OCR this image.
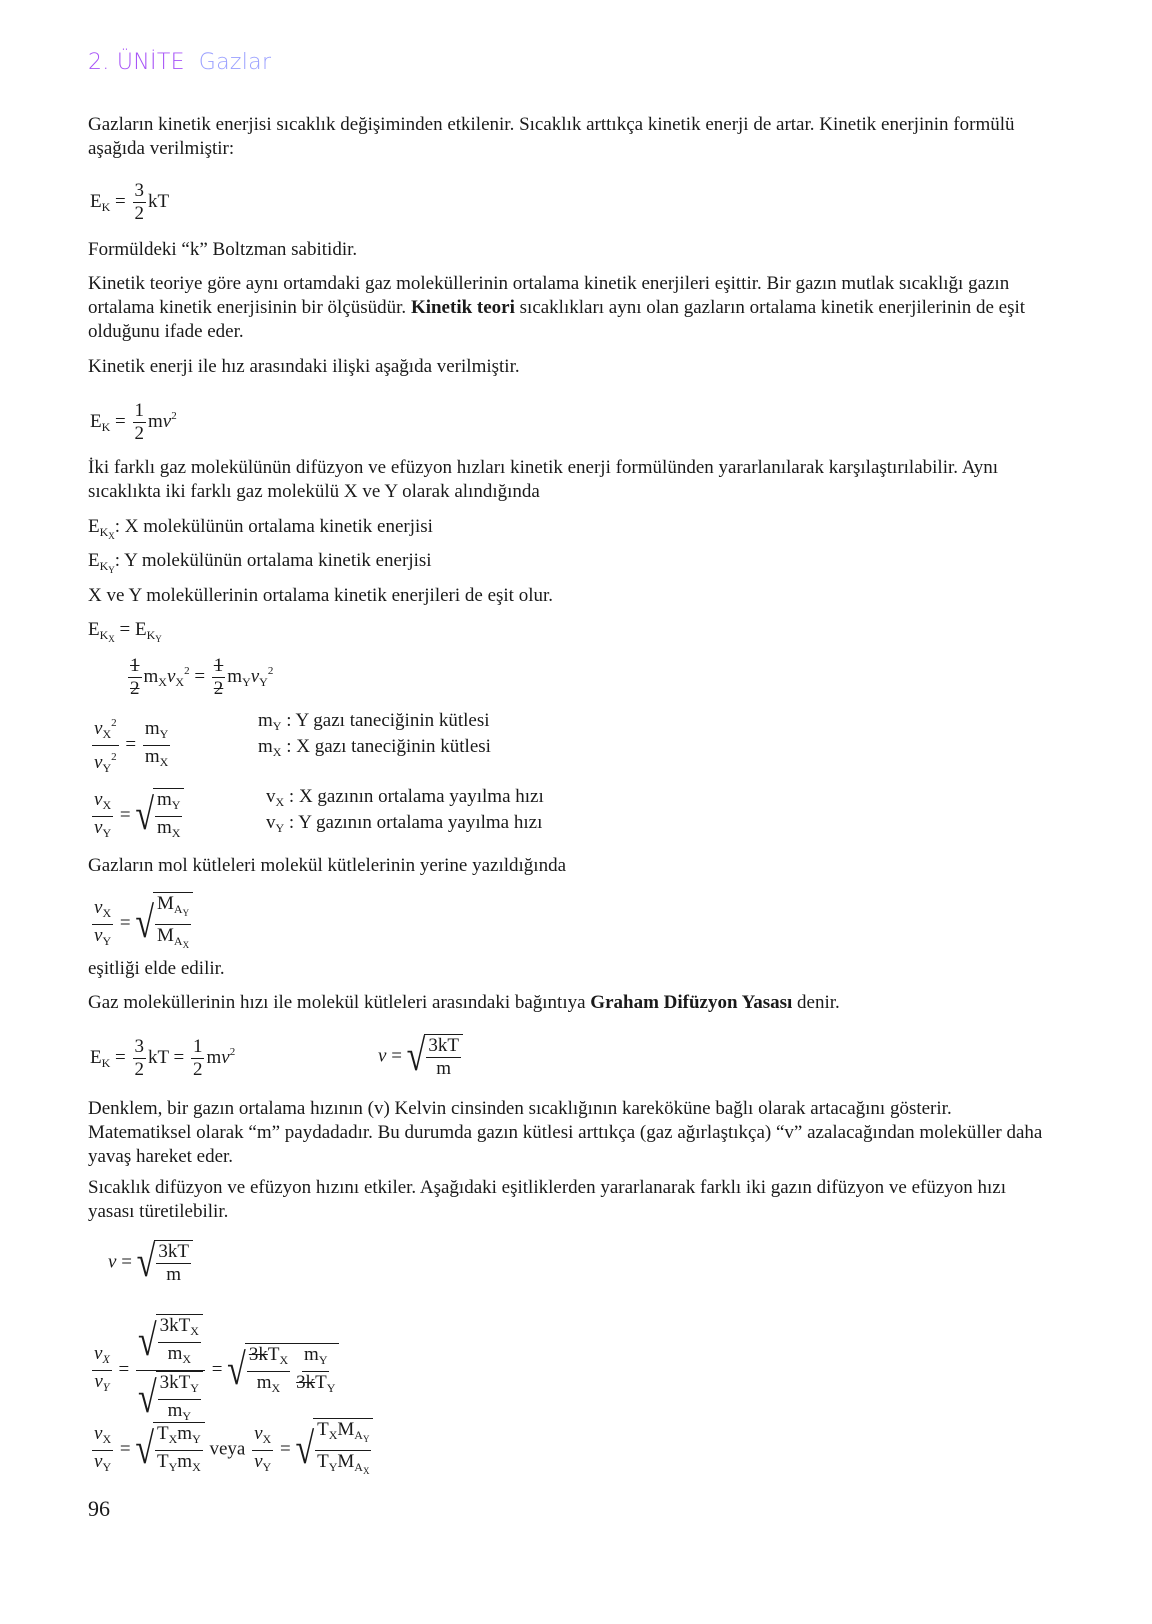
2. ÜNİTE Gazlar
Gazların kinetik enerjisi sıcaklık değişiminden etkilenir. Sıcaklık arttıkça kinetik enerji de artar. Kinetik enerjinin formülü aşağıda verilmiştir:
$E_K = \frac{3}{2}$ kT
Formüldeki “k” Boltzman sabitidir.
Kinetik teoriye göre aynı ortamdaki gaz moleküllerinin ortalama kinetik enerjileri eşittir. Bir gazın mutlak sıcaklığı gazın ortalama kinetik enerjisinin bir ölçüsüdür. Kinetik teori sıcaklıkları aynı olan gazların ortalama kinetik enerjilerinin de eşit olduğunu ifade eder.
Kinetik enerji ile hız arasındaki ilişki aşağıda verilmiştir.
$E_K = \frac{1}{2} mv^2$
İki farklı gaz molekülünün difüzyon ve efüzyon hızları kinetik enerji formülünden yararlanılarak karşılaştırılabilir. Aynı sıcaklıkta iki farklı gaz molekülü X ve Y olarak alındığında
$E_{K_X}$: X molekülünün ortalama kinetik enerjisi
$E_{K_Y}$: Y molekülünün ortalama kinetik enerjisi
X ve Y moleküllerinin ortalama kinetik enerjileri de eşit olur.
$E_{K_X} = E_{K_Y}$
$\frac{1}{2} m_Xv_X^2 = \frac{1}{2} m_Yv_Y^2$
$\frac{v_X^2}{v_Y^2} = \frac{m_Y}{m_X}$	$m_Y$ : Y gazı taneciğinin kütlesi
$m_X$ : X gazı taneciğinin kütlesi
$\frac{v_X}{v_Y}$ = √ $\frac{m_Y}{m_X}$	$v_X$ : X gazının ortalama yayılma hızı
$v_Y$ : Y gazının ortalama yayılma hızı
Gazların mol kütleleri molekül kütlelerinin yerine yazıldığında
$\frac{v_X}{v_Y}$ = √ $\frac{M_{A_Y}}{M_{A_X}}$
eşitliği elde edilir.
Gaz moleküllerinin hızı ile molekül kütleleri arasındaki bağıntıya Graham Difüzyon Yasası denir.
$E_K = \frac{3}{2}$ kT = $\frac{1}{2} mv^2$	v = √ $\frac{3kT}{m}$
Denklem, bir gazın ortalama hızının (v) Kelvin cinsinden sıcaklığının kareköküne bağlı olarak artacağını gösterir. Matematiksel olarak “m” paydadadır. Bu durumda gazın kütlesi arttıkça (gaz ağırlaştıkça) “v” azalacağından moleküller daha yavaş hareket eder.
Sıcaklık difüzyon ve efüzyon hızını etkiler. Aşağıdaki eşitliklerden yararlanarak farklı iki gazın difüzyon ve efüzyon hızı yasası türetilebilir.
v = √ $\frac{3kT}{m}$
$\frac{v_X}{v_Y} = \frac{√ \frac{3kT_X}{m_X}}{√ \frac{3kT_Y}{m_Y}}$ = √ $\frac{3kT_X}{m_X} \frac{m_Y}{3kT_Y}$
$\frac{v_X}{v_Y}$ = √ $\frac{T_Xm_Y}{T_Ym_X}$ veya $\frac{v_X}{v_Y}$ = √ $\frac{T_XM_{A_Y}}{T_YM_{A_X}}$
96
